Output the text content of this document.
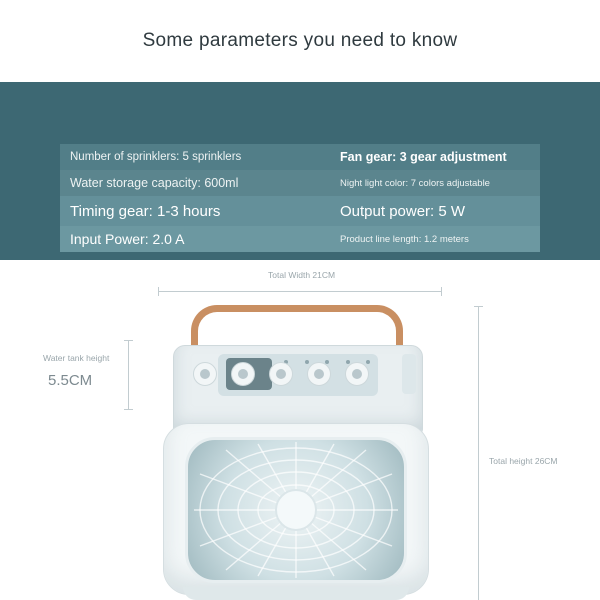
Some parameters you need to know
Number of sprinklers: 5 sprinklers	Fan gear: 3 gear adjustment
Water storage capacity: 600ml	Night light color: 7 colors adjustable
Timing gear: 1-3 hours	Output power: 5 W
Input Power: 2.0 A	Product line length: 1.2 meters
Total Width 21CM
Water tank height
5.5CM
Total height 26CM
